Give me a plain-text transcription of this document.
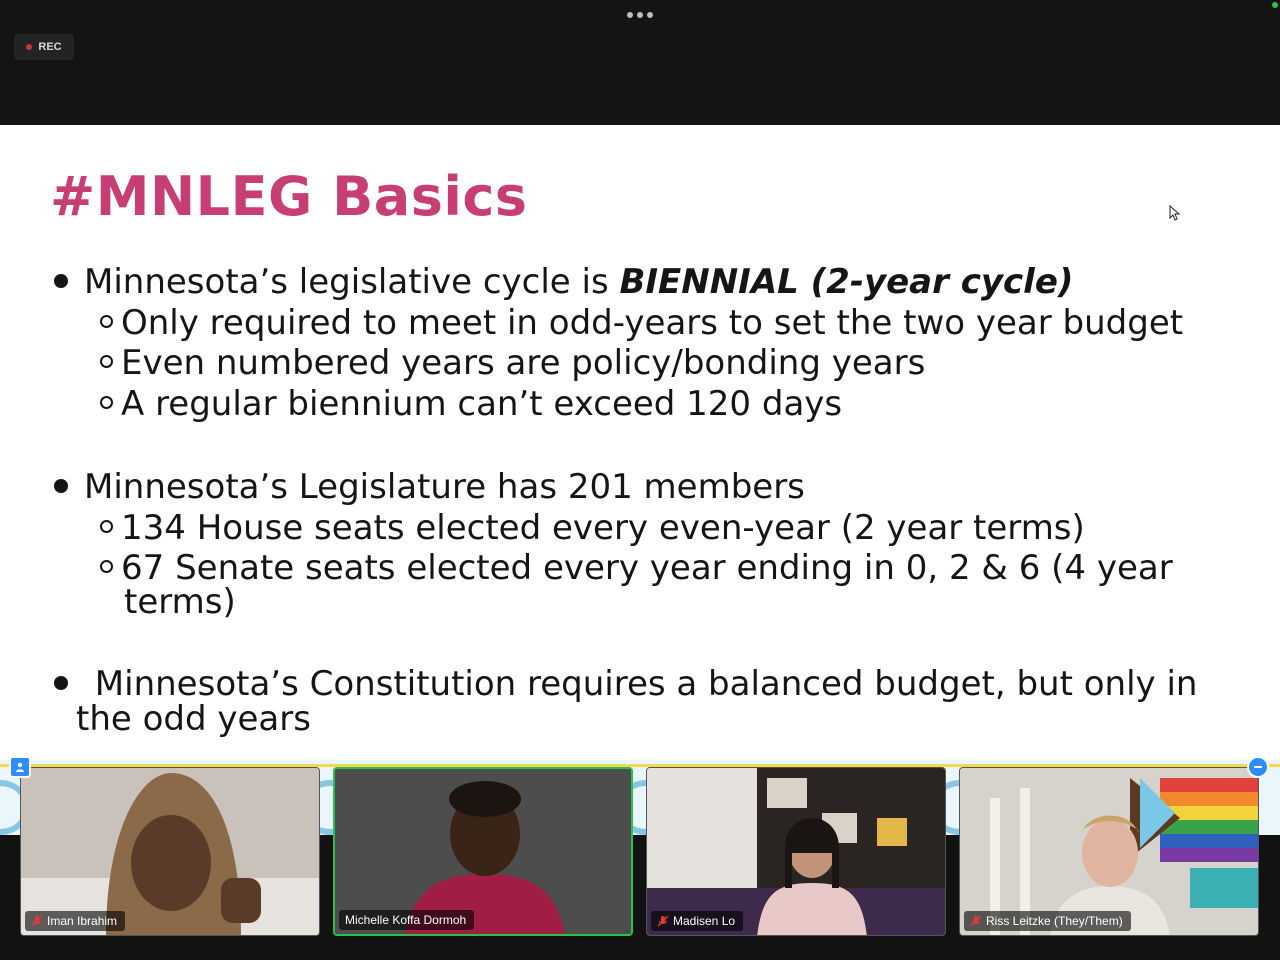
REC
#MNLEG Basics
Minnesota’s legislative cycle is BIENNIAL (2-year cycle)
Only required to meet in odd-years to set the two year budget
Even numbered years are policy/bonding years
A regular biennium can’t exceed 120 days
Minnesota’s Legislature has 201 members
134 House seats elected every even-year (2 year terms)
67 Senate seats elected every year ending in 0, 2 & 6 (4 year
terms)
Minnesota’s Constitution requires a balanced budget, but only in
the odd years
Iman Ibrahim	Michelle Koffa Dormoh	Madisen Lo	Riss Leitzke (They/Them)
